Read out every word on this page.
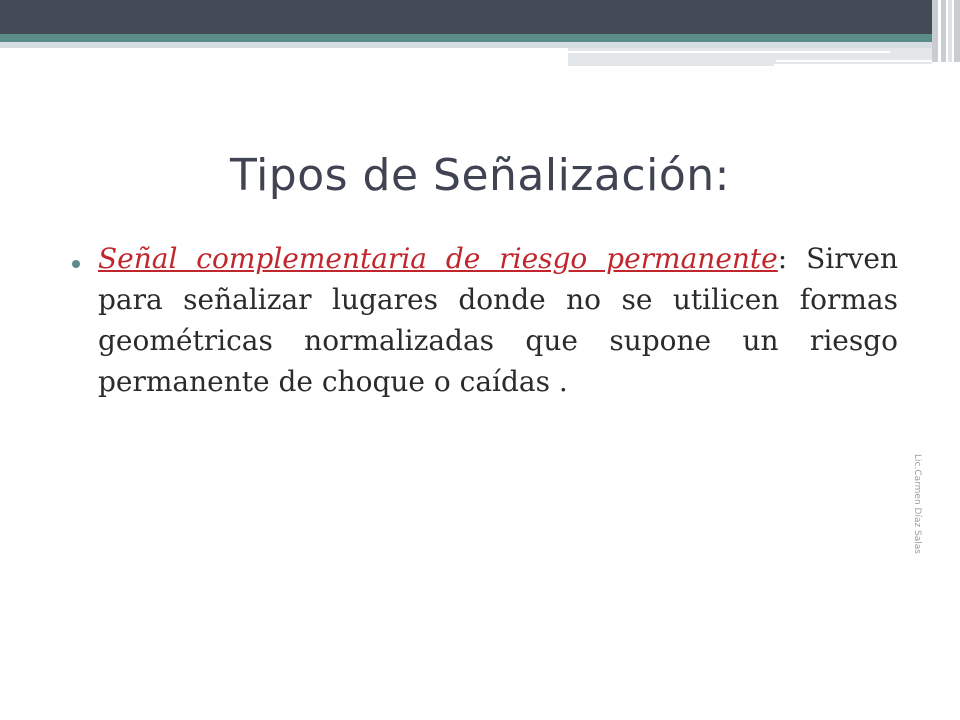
Tipos de Señalización:

Señal complementaria de riesgo permanente: Sirven para señalizar lugares donde no se utilicen formas geométricas normalizadas que supone un riesgo permanente de choque o caídas .

Lic.Carmen Díaz Salas
